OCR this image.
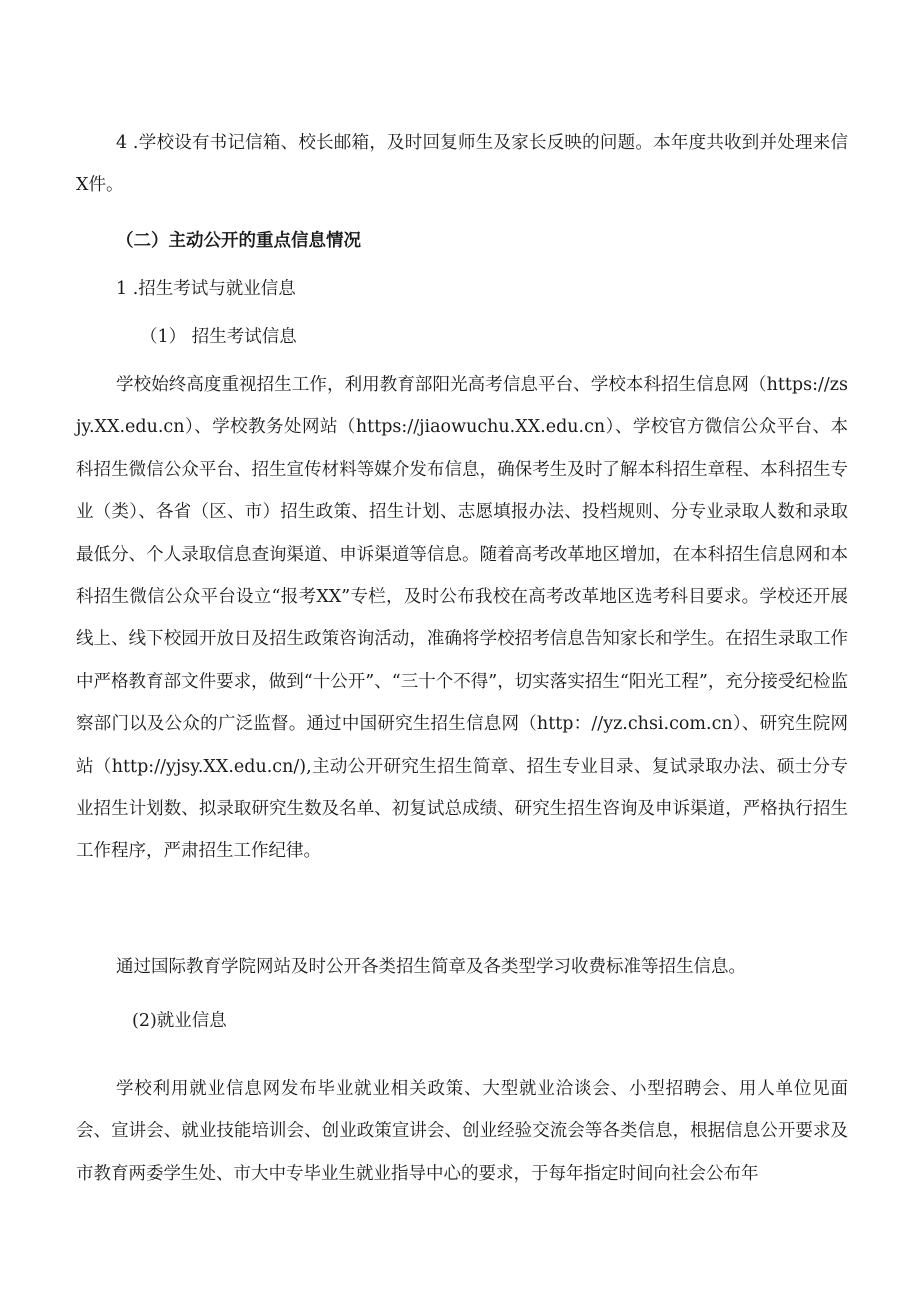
4 .学校设有书记信箱、校长邮箱，及时回复师生及家长反映的问题。本年度共收到并处理来信X件。

（二）主动公开的重点信息情况

1 .招生考试与就业信息

（1） 招生考试信息

学校始终高度重视招生工作，利用教育部阳光高考信息平台、学校本科招生信息网（https://zsjy.XX.edu.cn）、学校教务处网站（https://jiaowuchu.XX.edu.cn）、学校官方微信公众平台、本科招生微信公众平台、招生宣传材料等媒介发布信息，确保考生及时了解本科招生章程、本科招生专业（类）、各省（区、市）招生政策、招生计划、志愿填报办法、投档规则、分专业录取人数和录取最低分、个人录取信息查询渠道、申诉渠道等信息。随着高考改革地区增加，在本科招生信息网和本科招生微信公众平台设立“报考XX”专栏，及时公布我校在高考改革地区选考科目要求。学校还开展线上、线下校园开放日及招生政策咨询活动，准确将学校招考信息告知家长和学生。在招生录取工作中严格教育部文件要求，做到“十公开”、“三十个不得”，切实落实招生“阳光工程”，充分接受纪检监察部门以及公众的广泛监督。通过中国研究生招生信息网（http：//yz.chsi.com.cn）、研究生院网站（http://yjsy.XX.edu.cn/),主动公开研究生招生简章、招生专业目录、复试录取办法、硕士分专业招生计划数、拟录取研究生数及名单、初复试总成绩、研究生招生咨询及申诉渠道，严格执行招生工作程序，严肃招生工作纪律。

通过国际教育学院网站及时公开各类招生简章及各类型学习收费标准等招生信息。

(2)就业信息

学校利用就业信息网发布毕业就业相关政策、大型就业洽谈会、小型招聘会、用人单位见面会、宣讲会、就业技能培训会、创业政策宣讲会、创业经验交流会等各类信息，根据信息公开要求及市教育两委学生处、市大中专毕业生就业指导中心的要求，于每年指定时间向社会公布年
